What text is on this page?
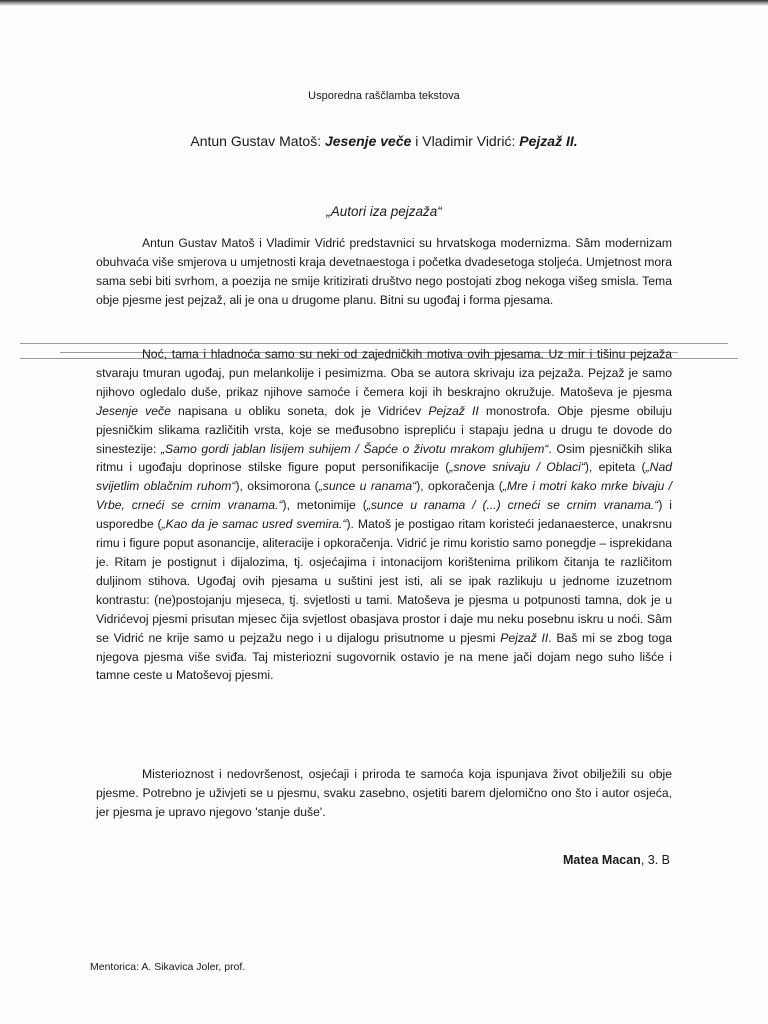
Usporedna raščlamba tekstova
Antun Gustav Matoš: Jesenje veče i Vladimir Vidrić: Pejzaž II.
„Autori iza pejzaža“

Antun Gustav Matoš i Vladimir Vidrić predstavnici su hrvatskoga modernizma. Sâm modernizam obuhvaća više smjerova u umjetnosti kraja devetnaestoga i početka dvadesetoga stoljeća. Umjetnost mora sama sebi biti svrhom, a poezija ne smije kritizirati društvo nego postojati zbog nekoga višeg smisla. Tema obje pjesme jest pejzaž, ali je ona u drugome planu. Bitni su ugođaj i forma pjesama.

Noć, tama i hladnoća samo su neki od zajedničkih motiva ovih pjesama. Uz mir i tišinu pejzaža stvaraju tmuran ugođaj, pun melankolije i pesimizma. Oba se autora skrivaju iza pejzaža. Pejzaž je samo njihovo ogledalo duše, prikaz njihove samoće i čemera koji ih beskrajno okružuje. Matoševa je pjesma Jesenje veče napisana u obliku soneta, dok je Vidrićev Pejzaž II monostrofa. Obje pjesme obiluju pjesničkim slikama različitih vrsta, koje se međusobno isprepliću i stapaju jedna u drugu te dovode do sinestezije: „Samo gordi jablan lisijem suhijem / Šapće o životu mrakom gluhijem“. Osim pjesničkih slika ritmu i ugođaju doprinose stilske figure poput personifikacije („snove snivaju / Oblaci“), epiteta („Nad svijetlim oblačnim ruhom“), oksimorona („sunce u ranama“), opkoračenja („Mre i motri kako mrke bivaju / Vrbe, crneći se crnim vranama.“), metonimije („sunce u ranama / (...) crneći se crnim vranama.“) i usporedbe („Kao da je samac usred svemira.“). Matoš je postigao ritam koristeći jedanaesterce, unakrsnu rimu i figure poput asonancije, aliteracije i opkoračenja. Vidrić je rimu koristio samo ponegdje – isprekidana je. Ritam je postignut i dijalozima, tj. osjećajima i intonacijom korištenima prilikom čitanja te različitom duljinom stihova. Ugođaj ovih pjesama u suštini jest isti, ali se ipak razlikuju u jednome izuzetnom kontrastu: (ne)postojanju mjeseca, tj. svjetlosti u tami. Matoševa je pjesma u potpunosti tamna, dok je u Vidrićevoj pjesmi prisutan mjesec čija svjetlost obasjava prostor i daje mu neku posebnu iskru u noći. Sâm se Vidrić ne krije samo u pejzažu nego i u dijalogu prisutnome u pjesmi Pejzaž II. Baš mi se zbog toga njegova pjesma više sviđa. Taj misteriozni sugovornik ostavio je na mene jači dojam nego suho lišće i tamne ceste u Matoševoj pjesmi.

Misterioznost i nedovršenost, osjećaji i priroda te samoća koja ispunjava život obilježili su obje pjesme. Potrebno je uživjeti se u pjesmu, svaku zasebno, osjetiti barem djelomično ono što i autor osjeća, jer pjesma je upravo njegovo 'stanje duše'.

Matea Macan, 3. B
Mentorica: A. Sikavica Joler, prof.
